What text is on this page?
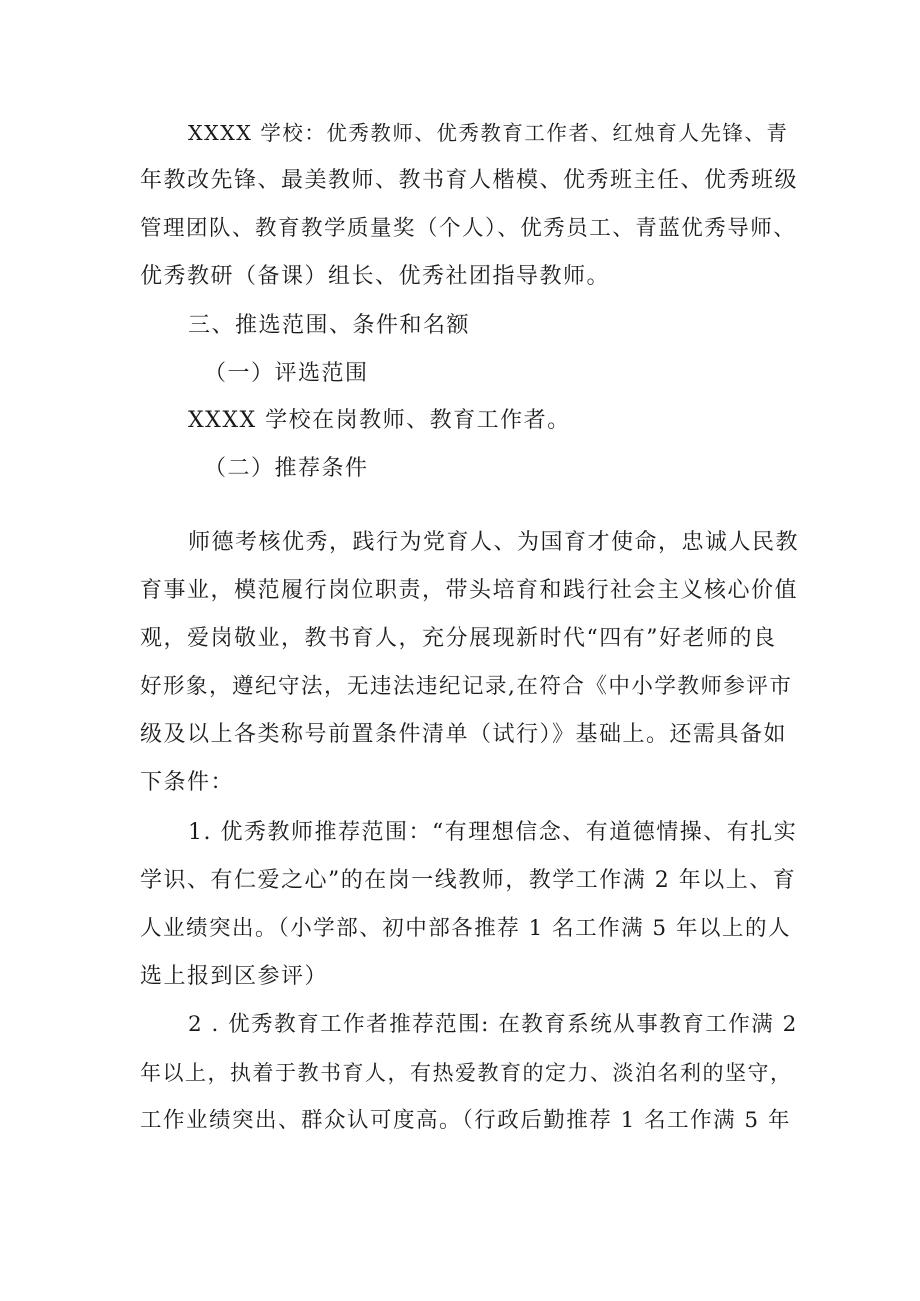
XXXX 学校：优秀教师、优秀教育工作者、红烛育人先锋、青
年教改先锋、最美教师、教书育人楷模、优秀班主任、优秀班级
管理团队、教育教学质量奖（个人）、优秀员工、青蓝优秀导师、
优秀教研（备课）组长、优秀社团指导教师。
三、推选范围、条件和名额
（一）评选范围
XXXX 学校在岗教师、教育工作者。
（二）推荐条件
师德考核优秀，践行为党育人、为国育才使命，忠诚人民教
育事业，模范履行岗位职责，带头培育和践行社会主义核心价值
观，爱岗敬业，教书育人，充分展现新时代“四有”好老师的良
好形象，遵纪守法，无违法违纪记录,在符合《中小学教师参评市
级及以上各类称号前置条件清单（试行）》基础上。还需具备如
下条件：
1. 优秀教师推荐范围：“有理想信念、有道德情操、有扎实
学识、有仁爱之心”的在岗一线教师，教学工作满 2 年以上、育
人业绩突出。（小学部、初中部各推荐 1 名工作满 5 年以上的人
选上报到区参评）
2 . 优秀教育工作者推荐范围: 在教育系统从事教育工作满 2
年以上，执着于教书育人，有热爱教育的定力、淡泊名利的坚守，
工作业绩突出、群众认可度高。（行政后勤推荐 1 名工作满 5 年
